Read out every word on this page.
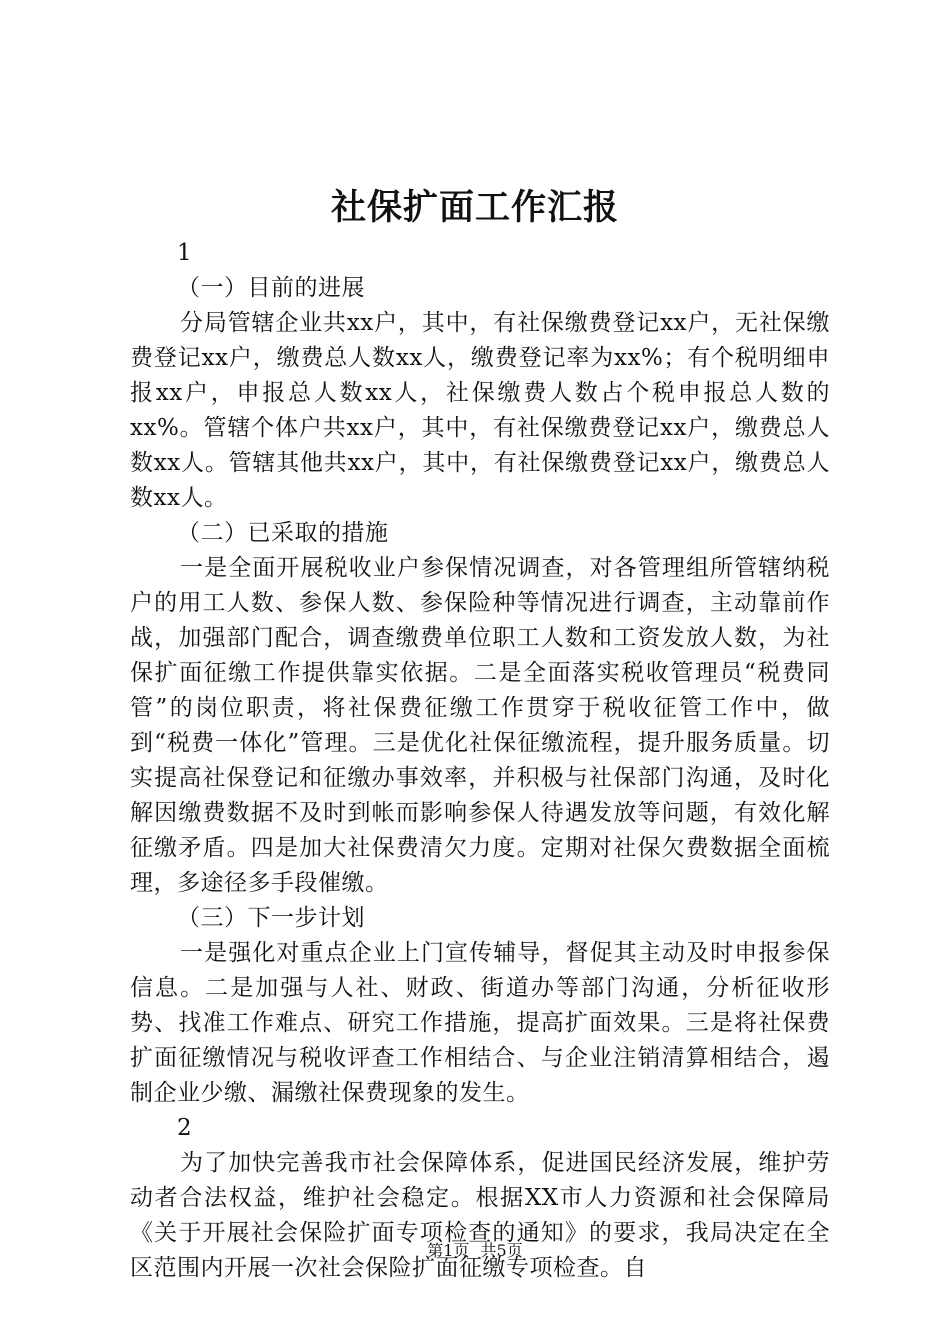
社保扩面工作汇报

1

（一）目前的进展

分局管辖企业共xx户，其中，有社保缴费登记xx户，无社保缴费登记xx户，缴费总人数xx人，缴费登记率为xx%；有个税明细申报xx户，申报总人数xx人，社保缴费人数占个税申报总人数的xx%。管辖个体户共xx户，其中，有社保缴费登记xx户，缴费总人数xx人。管辖其他共xx户，其中，有社保缴费登记xx户，缴费总人数xx人。

（二）已采取的措施

一是全面开展税收业户参保情况调查，对各管理组所管辖纳税户的用工人数、参保人数、参保险种等情况进行调查，主动靠前作战，加强部门配合，调查缴费单位职工人数和工资发放人数，为社保扩面征缴工作提供靠实依据。二是全面落实税收管理员“税费同管”的岗位职责，将社保费征缴工作贯穿于税收征管工作中，做到“税费一体化”管理。三是优化社保征缴流程，提升服务质量。切实提高社保登记和征缴办事效率，并积极与社保部门沟通，及时化解因缴费数据不及时到帐而影响参保人待遇发放等问题，有效化解征缴矛盾。四是加大社保费清欠力度。定期对社保欠费数据全面梳理，多途径多手段催缴。

（三）下一步计划

一是强化对重点企业上门宣传辅导，督促其主动及时申报参保信息。二是加强与人社、财政、街道办等部门沟通，分析征收形势、找准工作难点、研究工作措施，提高扩面效果。三是将社保费扩面征缴情况与税收评查工作相结合、与企业注销清算相结合，遏制企业少缴、漏缴社保费现象的发生。

2

为了加快完善我市社会保障体系，促进国民经济发展，维护劳动者合法权益，维护社会稳定。根据XX市人力资源和社会保障局《关于开展社会保险扩面专项检查的通知》的要求，我局决定在全区范围内开展一次社会保险扩面征缴专项检查。自

第1页 共5页
